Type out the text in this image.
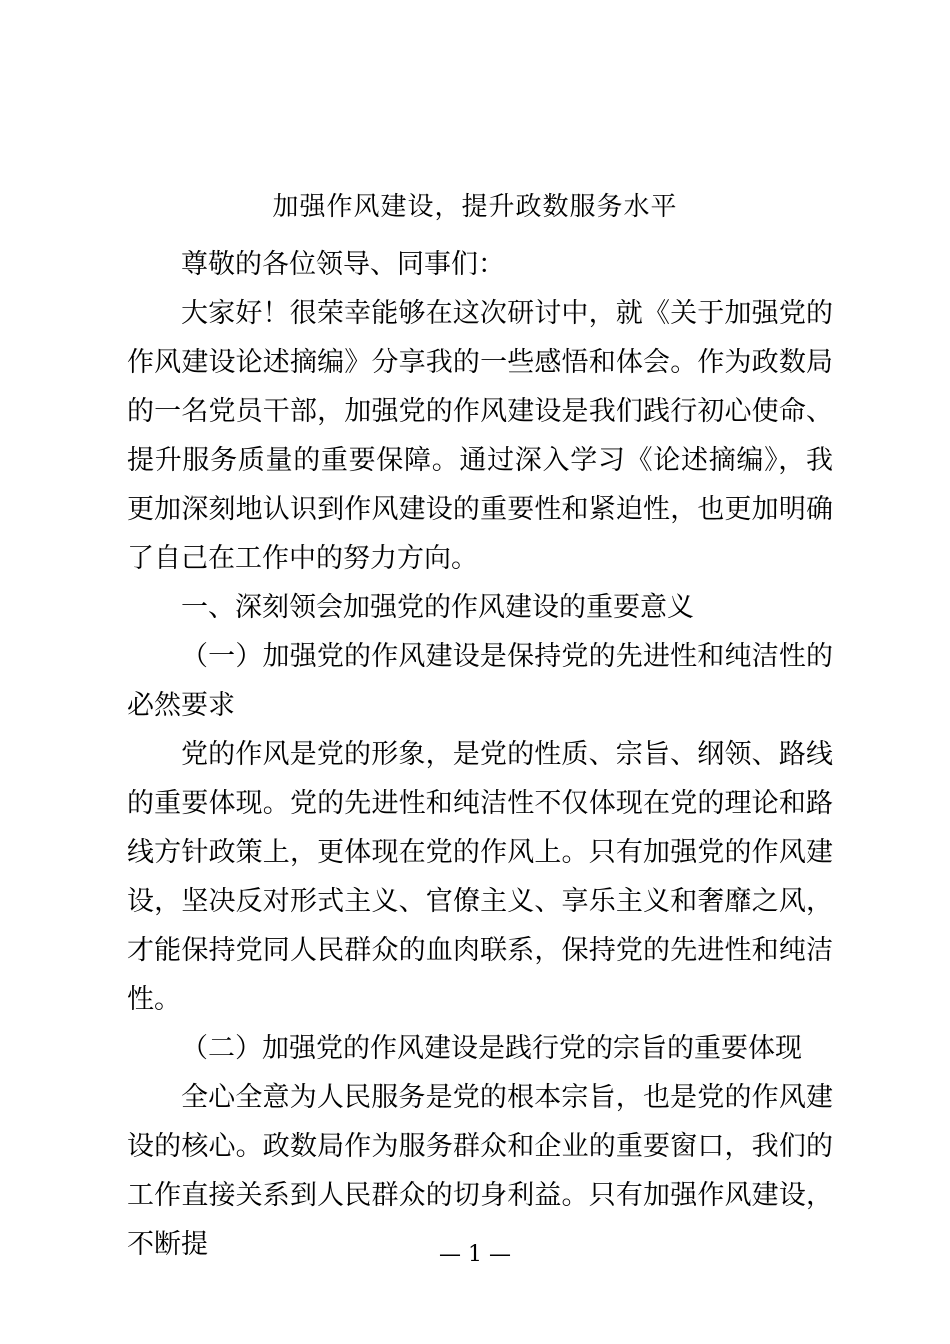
加强作风建设，提升政数服务水平

尊敬的各位领导、同事们：

大家好！很荣幸能够在这次研讨中，就《关于加强党的作风建设论述摘编》分享我的一些感悟和体会。作为政数局的一名党员干部，加强党的作风建设是我们践行初心使命、提升服务质量的重要保障。通过深入学习《论述摘编》，我更加深刻地认识到作风建设的重要性和紧迫性，也更加明确了自己在工作中的努力方向。

一、深刻领会加强党的作风建设的重要意义

（一）加强党的作风建设是保持党的先进性和纯洁性的必然要求

党的作风是党的形象，是党的性质、宗旨、纲领、路线的重要体现。党的先进性和纯洁性不仅体现在党的理论和路线方针政策上，更体现在党的作风上。只有加强党的作风建设，坚决反对形式主义、官僚主义、享乐主义和奢靡之风，才能保持党同人民群众的血肉联系，保持党的先进性和纯洁性。

（二）加强党的作风建设是践行党的宗旨的重要体现

全心全意为人民服务是党的根本宗旨，也是党的作风建设的核心。政数局作为服务群众和企业的重要窗口，我们的工作直接关系到人民群众的切身利益。只有加强作风建设，不断提	— 1 —
